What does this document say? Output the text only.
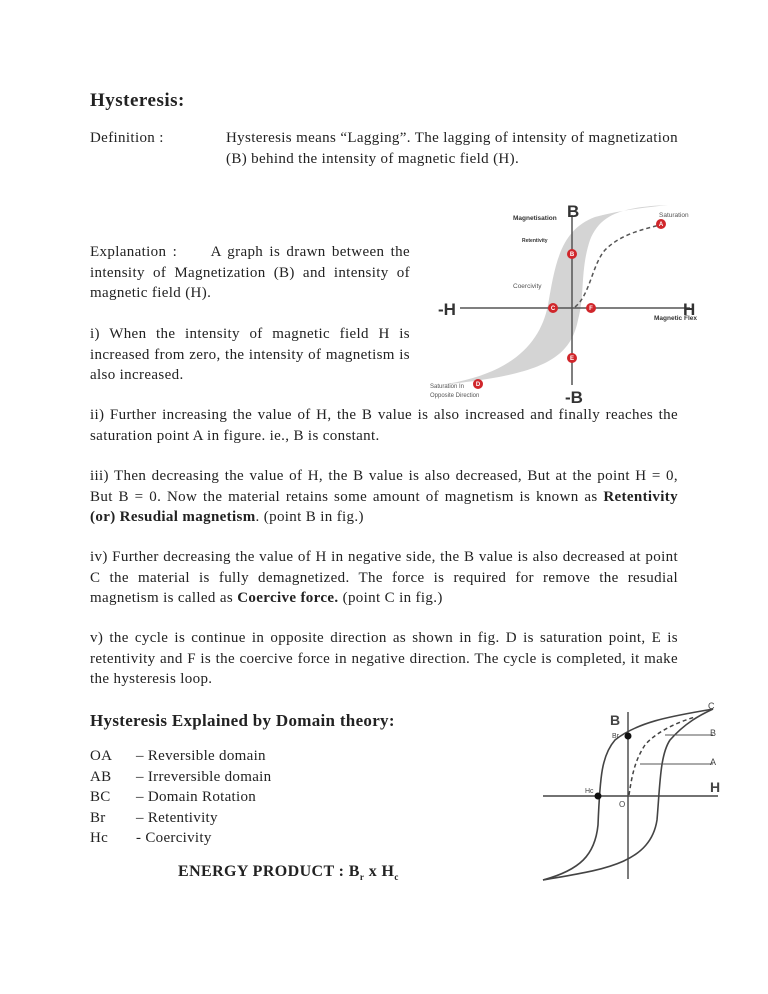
Hysteresis:
Definition :	Hysteresis means “Lagging”. The lagging of intensity of magnetization (B) behind the intensity of magnetic field (H).
Explanation : A graph is drawn between the intensity of Magnetization (B) and intensity of magnetic field (H).
i) When the intensity of magnetic field H is increased from zero, the intensity of magnetism is also increased.
A
B
C	F
E
D
B
-B
H
-H
Magnetisation
Retentivity
Magnetic Flex
Coercivity
Saturation
Saturation In
Opposite Direction
ii) Further increasing the value of H, the B value is also increased and finally reaches the saturation point A in figure. ie., B is constant.
iii) Then decreasing the value of H, the B value is also decreased, But at the point H = 0, But B = 0. Now the material retains some amount of magnetism is known as Retentivity (or) Resudial magnetism. (point B in fig.)
iv) Further decreasing the value of H in negative side, the B value is also decreased at point C the material is fully demagnetized. The force is required for remove the resudial magnetism is called as Coercive force. (point C in fig.)
v) the cycle is continue in opposite direction as shown in fig. D is saturation point, E is retentivity and F is the coercive force in negative direction. The cycle is completed, it make the hysteresis loop.
Hysteresis Explained by Domain theory:
OA	– Reversible domain
AB	– Irreversible domain
BC	– Domain Rotation
Br	– Retentivity
Hc	- Coercivity
ENERGY PRODUCT : $B_r$ x $H_c$
B
H
Br
Hc
O
A
B
C
